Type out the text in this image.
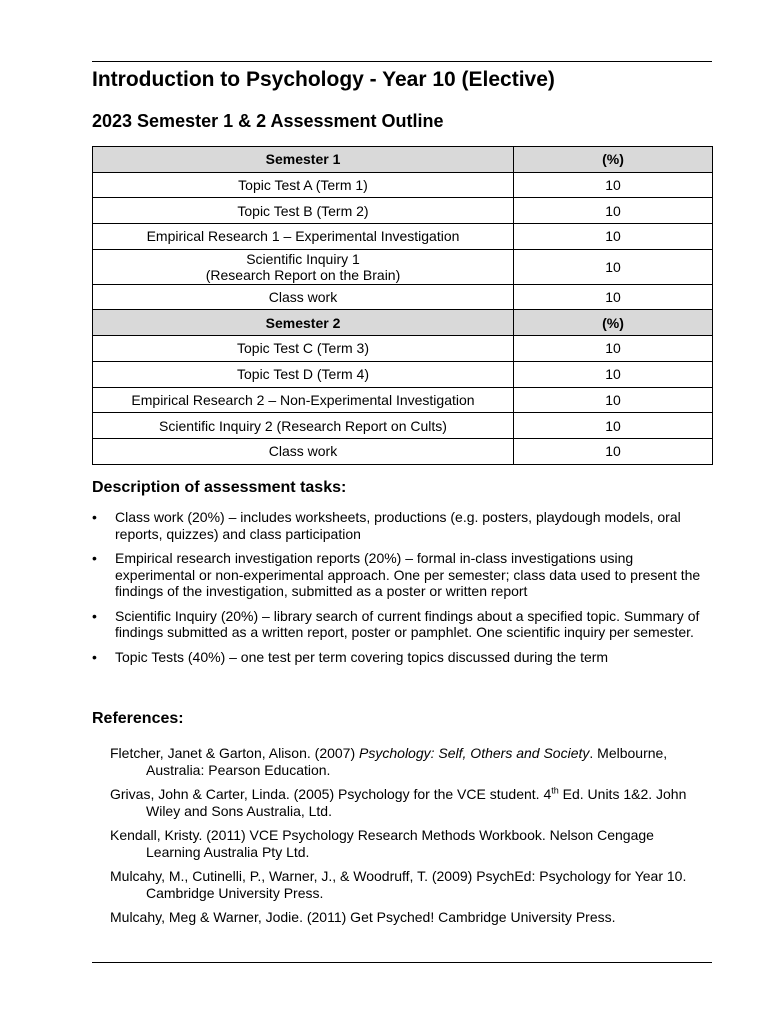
Introduction to Psychology - Year 10 (Elective)
2023 Semester 1 & 2 Assessment Outline
Semester 1	(%)
Topic Test A (Term 1)	10
Topic Test B (Term 2)	10
Empirical Research 1 – Experimental Investigation	10
Scientific Inquiry 1
(Research Report on the Brain)	10
Class work	10
Semester 2	(%)
Topic Test C (Term 3)	10
Topic Test D (Term 4)	10
Empirical Research 2 – Non-Experimental Investigation	10
Scientific Inquiry 2 (Research Report on Cults)	10
Class work	10
Description of assessment tasks:
• Class work (20%) – includes worksheets, productions (e.g. posters, playdough models, oral reports, quizzes) and class participation
• Empirical research investigation reports (20%) – formal in-class investigations using experimental or non-experimental approach. One per semester; class data used to present the findings of the investigation, submitted as a poster or written report
• Scientific Inquiry (20%) – library search of current findings about a specified topic. Summary of findings submitted as a written report, poster or pamphlet. One scientific inquiry per semester.
• Topic Tests (40%) – one test per term covering topics discussed during the term
References:
Fletcher, Janet & Garton, Alison. (2007) Psychology: Self, Others and Society. Melbourne, Australia: Pearson Education.
Grivas, John & Carter, Linda. (2005) Psychology for the VCE student. 4th Ed. Units 1&2. John Wiley and Sons Australia, Ltd.
Kendall, Kristy. (2011) VCE Psychology Research Methods Workbook. Nelson Cengage Learning Australia Pty Ltd.
Mulcahy, M., Cutinelli, P., Warner, J., & Woodruff, T. (2009) PsychEd: Psychology for Year 10. Cambridge University Press.
Mulcahy, Meg & Warner, Jodie. (2011) Get Psyched! Cambridge University Press.
